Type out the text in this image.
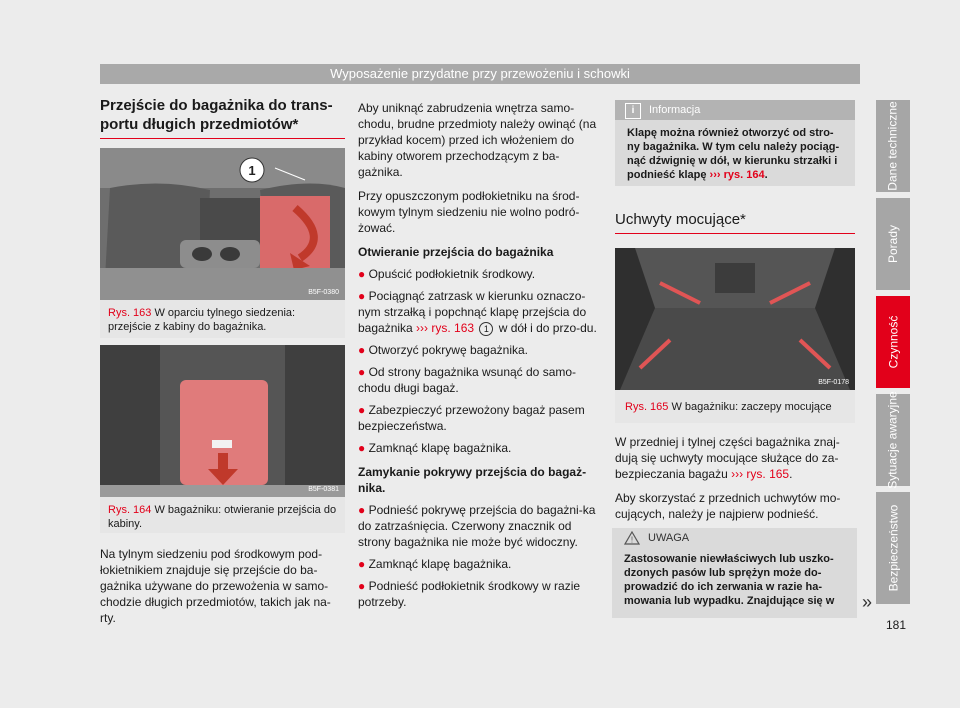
Wyposażenie przydatne przy przewożeniu i schowki
Dane techniczne
Porady
Czynność
Sytuacje awaryjne
Bezpieczeństwo
Przejście do bagażnika do trans-
portu długich przedmiotów*
1
B5F-0380
Rys. 163 W oparciu tylnego siedzenia: przejście z kabiny do bagażnika.
B5F-0381
Rys. 164 W bagażniku: otwieranie przejścia do kabiny.
Na tylnym siedzeniu pod środkowym pod-łokietnikiem znajduje się przejście do ba-gażnika używane do przewożenia w samo-chodzie długich przedmiotów, takich jak na-rty.

Aby uniknąć zabrudzenia wnętrza samo-chodu, brudne przedmioty należy owinąć (na przykład kocem) przed ich włożeniem do kabiny otworem przechodzącym z ba-gażnika.

Przy opuszczonym podłokietniku na środ-kowym tylnym siedzeniu nie wolno podró-żować.

Otwieranie przejścia do bagażnika

● Opuścić podłokietnik środkowy.
● Pociągnąć zatrzask w kierunku oznaczo-nym strzałką i popchnąć klapę przejścia do bagażnika ››› rys. 163 1 w dół i do przo-du.
● Otworzyć pokrywę bagażnika.
● Od strony bagażnika wsunąć do samo-chodu długi bagaż.
● Zabezpieczyć przewożony bagaż pasem bezpieczeństwa.
● Zamknąć klapę bagażnika.

Zamykanie pokrywy przejścia do bagaż-nika.

● Podnieść pokrywę przejścia do bagażni-ka do zatrzaśnięcia. Czerwony znacznik od strony bagażnika nie może być widoczny.
● Zamknąć klapę bagażnika.
● Podnieść podłokietnik środkowy w razie potrzeby.
i	Informacja
Klapę można również otworzyć od stro-ny bagażnika. W tym celu należy pociąg-nąć dźwignię w dół, w kierunku strzałki i podnieść klapę ››› rys. 164.
Uchwyty mocujące*
B5F-0178
Rys. 165 W bagażniku: zaczepy mocujące

W przedniej i tylnej części bagażnika znaj-dują się uchwyty mocujące służące do za-bezpieczania bagażu ››› rys. 165.

Aby skorzystać z przednich uchwytów mo-cujących, należy je najpierw podnieść.

! UWAGA
Zastosowanie niewłaściwych lub uszko-dzonych pasów lub sprężyn może do-prowadzić do ich zerwania w razie ha-mowania lub wypadku. Znajdujące się w	»
181
